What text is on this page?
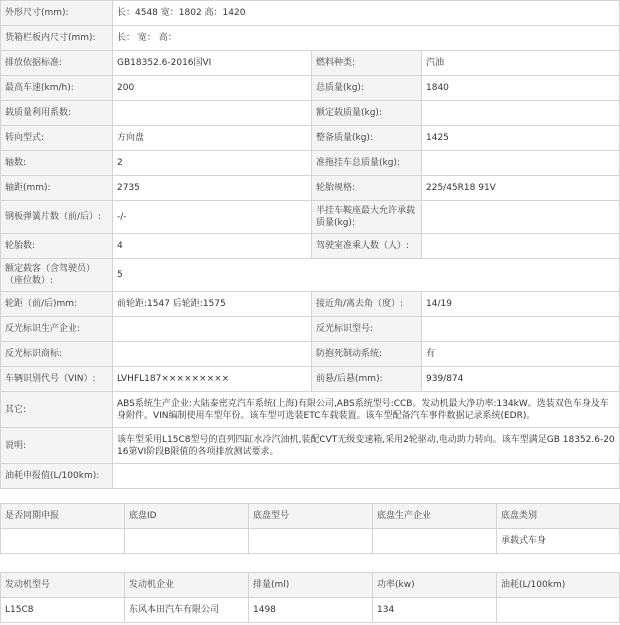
外形尺寸(mm):	长：4548 宽：1802 高：1420		
货箱栏板内尺寸(mm):	长： 宽： 高：		
排放依据标准:	GB18352.6-2016国VI	燃料种类:	汽油
最高车速(km/h):	200	总质量(kg):	1840
载质量利用系数:		额定载质量(kg):	
转向型式:	方向盘	整备质量(kg):	1425
轴数:	2	准拖挂车总质量(kg):	
轴距(mm):	2735	轮胎规格:	225/45R18 91V
钢板弹簧片数（前/后）:	-/-	半挂车鞍座最大允许承载质量(kg):	
轮胎数:	4	驾驶室准乘人数（人）:	
额定载客（含驾驶员）（座位数）:	5		
轮距（前/后)mm:	前轮距:1547 后轮距:1575	接近角/离去角（度）:	14/19
反光标识生产企业:		反光标识型号:	
反光标识商标:		防抱死制动系统:	有
车辆识别代号（VIN）:	LVHFL187×××××××××	前悬/后悬(mm):	939/874
其它:	ABS系统生产企业:大陆泰密克汽车系统(上海)有限公司,ABS系统型号:CCB。发动机最大净功率:134kW。选装双色车身及车身附件。VIN编制使用车型年份。该车型可选装ETC车载装置。该车型配备汽车事件数据记录系统(EDR)。		
说明:	该车型采用L15C8型号的直列四缸水冷汽油机,装配CVT无级变速箱,采用2轮驱动,电动助力转向。该车型满足GB 18352.6-2016第VI阶段B限值的各项排放测试要求。		
油耗申报值(L/100km):			
是否同期申报	底盘ID	底盘型号	底盘生产企业	底盘类别
				承载式车身
发动机型号	发动机企业	排量(ml)	功率(kw)	油耗(L/100km)
L15C8	东风本田汽车有限公司	1498	134	
